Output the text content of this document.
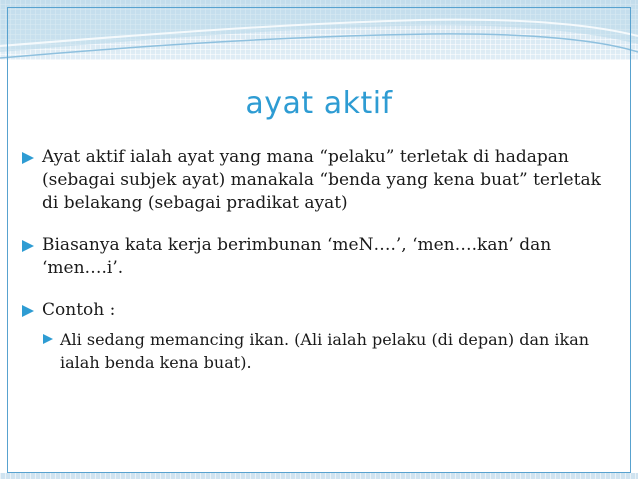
ayat aktif
Ayat aktif ialah ayat yang mana “pelaku” terletak di hadapan (sebagai subjek ayat) manakala “benda yang kena buat” terletak di belakang (sebagai pradikat ayat)
Biasanya kata kerja berimbunan ‘meN….’, ‘men….kan’ dan ‘men….i’.
Contoh :
Ali sedang memancing ikan. (Ali ialah pelaku (di depan) dan ikan ialah benda kena buat).
